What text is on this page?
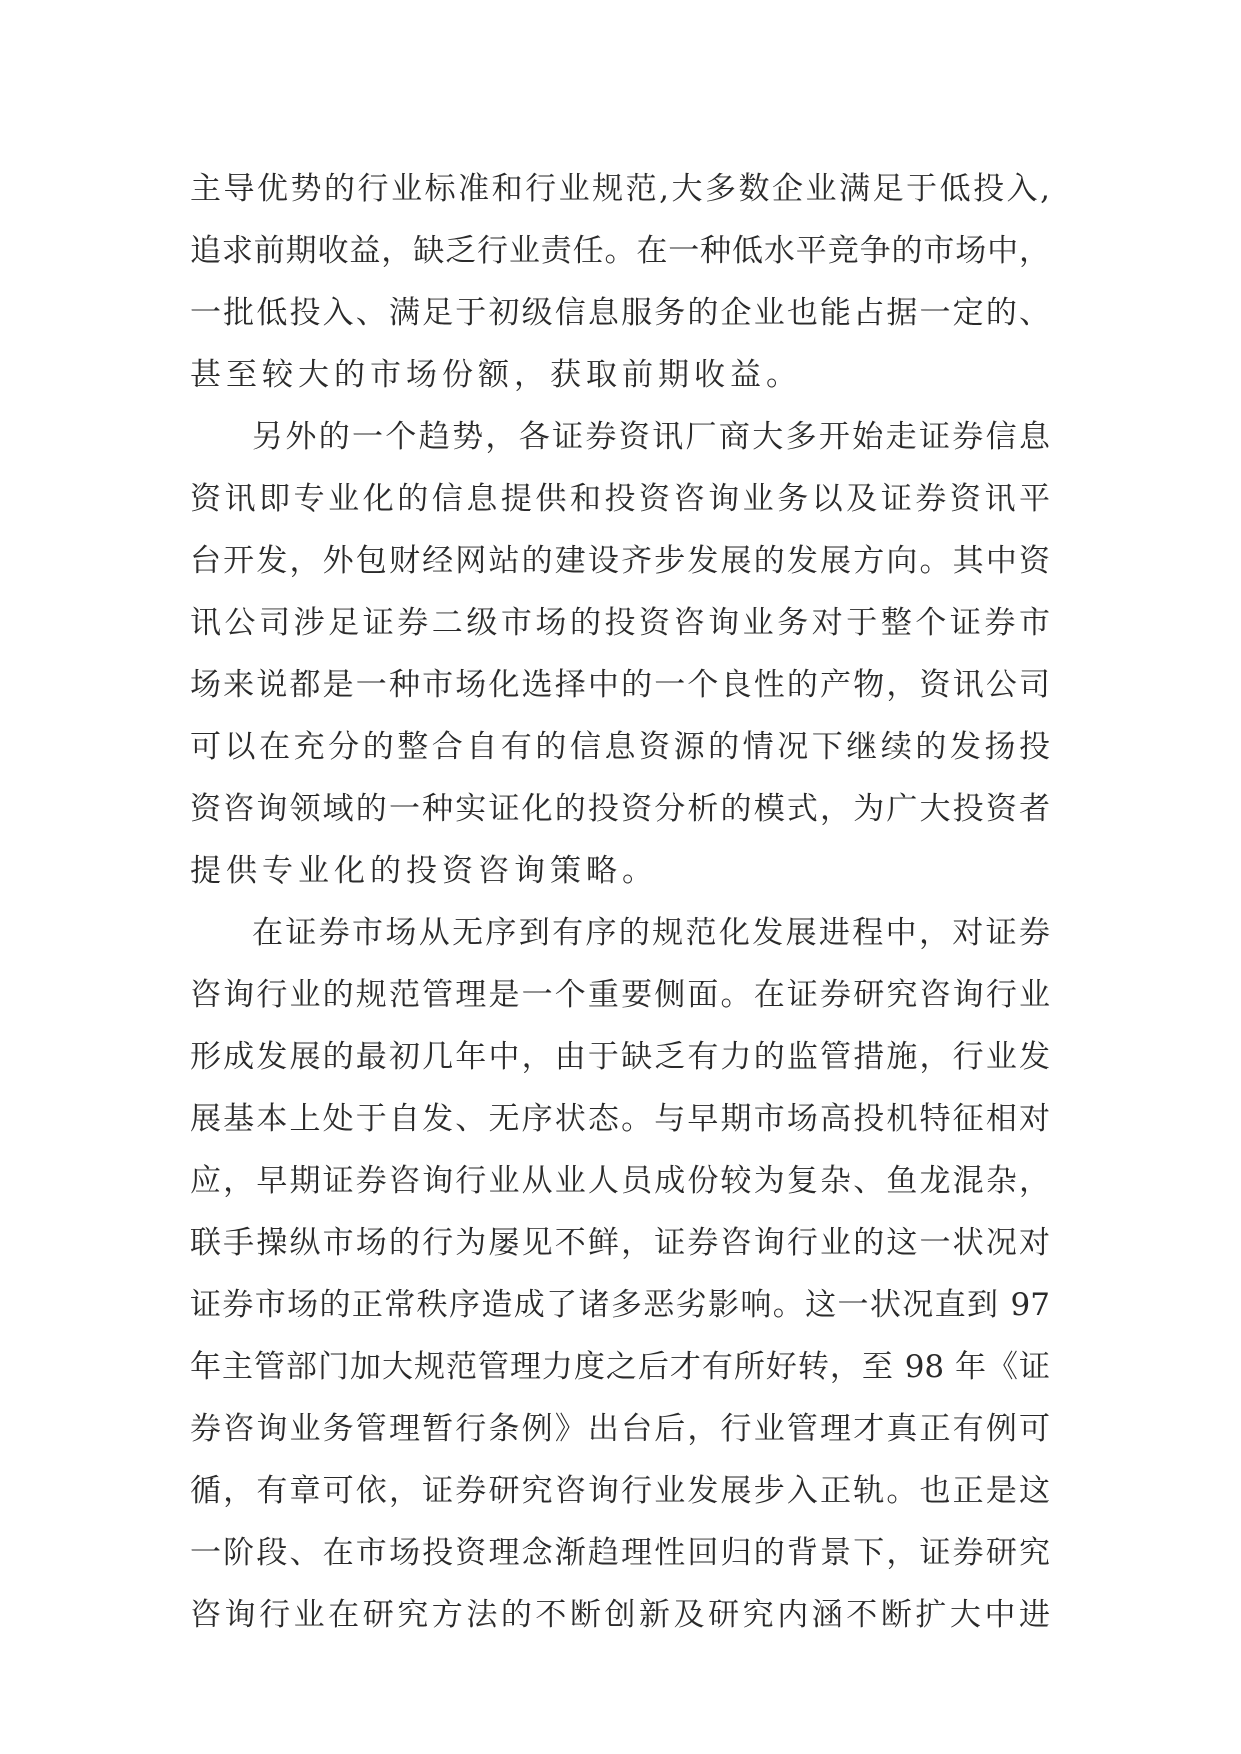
主导优势的行业标准和行业规范,大多数企业满足于低投入,
追求前期收益，缺乏行业责任。在一种低水平竞争的市场中，
一批低投入、满足于初级信息服务的企业也能占据一定的、
甚至较大的市场份额，获取前期收益。
另外的一个趋势，各证券资讯厂商大多开始走证券信息
资讯即专业化的信息提供和投资咨询业务以及证券资讯平
台开发，外包财经网站的建设齐步发展的发展方向。其中资
讯公司涉足证券二级市场的投资咨询业务对于整个证券市
场来说都是一种市场化选择中的一个良性的产物，资讯公司
可以在充分的整合自有的信息资源的情况下继续的发扬投
资咨询领域的一种实证化的投资分析的模式，为广大投资者
提供专业化的投资咨询策略。
在证券市场从无序到有序的规范化发展进程中，对证券
咨询行业的规范管理是一个重要侧面。在证券研究咨询行业
形成发展的最初几年中，由于缺乏有力的监管措施，行业发
展基本上处于自发、无序状态。与早期市场高投机特征相对
应，早期证券咨询行业从业人员成份较为复杂、鱼龙混杂，
联手操纵市场的行为屡见不鲜，证券咨询行业的这一状况对
证券市场的正常秩序造成了诸多恶劣影响。这一状况直到 97
年主管部门加大规范管理力度之后才有所好转，至 98 年《证
券咨询业务管理暂行条例》出台后，行业管理才真正有例可
循，有章可依，证券研究咨询行业发展步入正轨。也正是这
一阶段、在市场投资理念渐趋理性回归的背景下，证券研究
咨询行业在研究方法的不断创新及研究内涵不断扩大中进
